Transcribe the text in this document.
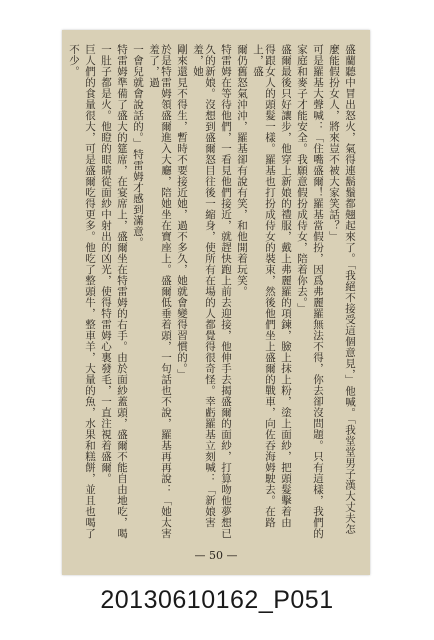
盛藺聽中冒出怒火，氣得連鬍鬚都翹起來了。「我絕不接受這個意見，」他喊。「我堂堂男子漢大丈夫怎
麼能假扮女人，將來豈不被大家笑話？」
可是羅基大聲喊：「住嘴盛爾！羅基當假扮，因爲弗麗羅無法不得，你去卻沒問題。只有這樣，我們的
家庭和麥子才能安全。我願意假扮成侍女，陪着你去。」
盛爾最後只好讓步，他穿上新娘的禮服，戴上弗麗羅的項鍊，臉上抹上粉，塗上面紗，把頭髮擊着由
得跟女人的頭髮一樣。羅基也打扮成侍女的裝束，然後他們坐上盛爾的戰車，向佐吞海姆駛去。在路上，盛
爾仍舊怒氣沖沖，羅基卻有說有笑，和他開着玩笑。
特雷姆在等待他們，一看見他們接近，就趕快跑上前去迎接，他伸手去揭盛爾的面紗，打算吻他夢想已
久的新娘。沒想到盛爾怒目往後一縮身，使所有在場的人都覺得很奇怪。幸虧羅基立刻喊：「新娘害羞，她
剛來還見不得生，暫時不要接近她，過不多久，她就會變得習慣的。」
於是特雷姆領盛爾進入大廳，陪她坐在寶座上。盛爾低垂着頭，一句話也不說，羅基再再說：「她太害羞了，過
一會兒就會說話的。」特雷姆才感到滿意。
特雷姆準備了盛大的筵席，在宴席上，盛爾坐在特雷姆的右手。由於面紗蓋頭，盛爾不能自由地吃，喝
一肚子都是火。他瞪的眼睛從面紗中射出的凶光，使得特雷姆心裏發毛，一直注視着盛爾。
巨人們的食量很大，可是盛爾吃得更多。他吃了整頭牛，整車羊，大量的魚，水果和糕餅，並且也喝了
不少。
— 50 —
20130610162_P051
